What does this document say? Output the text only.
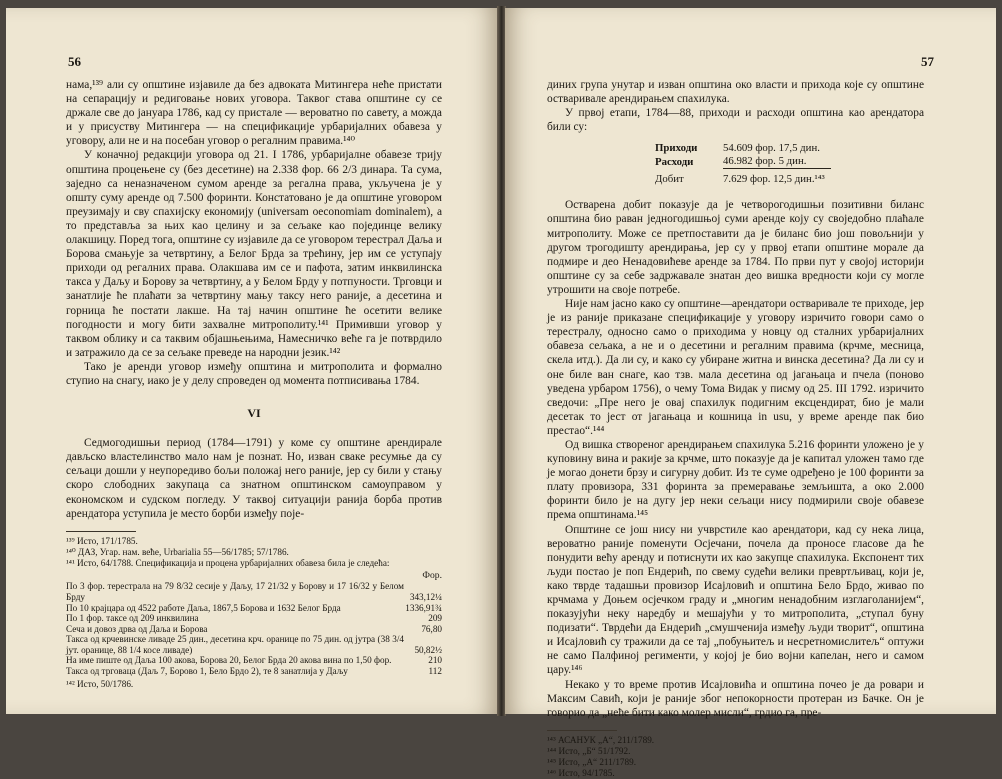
56

нама,¹³⁹ али су општине изјавиле да без адвоката Митингера неће пристати на сепарацију и редиговање нових уговора. Таквог става општине су се држале све до јануара 1786, кад су пристале — вероватно по савету, а можда и у присуству Митингера — на спецификације урбаријалних обавеза у уговору, али не и на посебан уговор о регалним правима.¹⁴⁰

У коначној редакцији уговора од 21. I 1786, урбаријалне обавезе трију општина процењене су (без десетине) на 2.338 фор. 66 2/3 динара. Та сума, заједно са неназначеном сумом аренде за регална права, укључена је у општу суму аренде од 7.500 форинти. Констатовано је да општине уговором преузимају и сву спахијску економију (universam oeconomiam dominalem), а то представља за њих као целину и за сељаке као појединце велику олакшицу. Поред тога, општине су изјавиле да се уговором терестрал Даља и Борова смањује за четвртину, а Белог Брда за трећину, јер им се уступају приходи од регалних права. Олакшава им се и пафота, затим инквилинска такса у Даљу и Борову за четвртину, а у Белом Брду у потпуности. Трговци и занатлије ће плаћати за четвртину мању таксу него раније, а десетина и горница ће постати лакше. На тај начин општине ће осетити велике погодности и могу бити захвалне митрополиту.¹⁴¹ Примивши уговор у таквом облику и са таквим објашњењима, Намесничко веће га је потврдило и затражило да се за сељаке преведе на народни језик.¹⁴²

Тако је аренди уговор између општина и митрополита и формално ступио на снагу, иако је у делу спроведен од момента потписивања 1784.

VI

Седмогодишњи период (1784—1791) у коме су општине арендирале дављско властелинство мало нам је познат. Но, изван сваке ресумње да су сељаци дошли у неупоредиво бољи положај него раније, јер су били у стању скоро слободних закупаца са знатном општинском самоуправом у економском и судском погледу. У таквој ситуацији ранија борба против арендатора уступила је место борби између поје-

¹³⁹ Исто, 171/1785.
¹⁴⁰ ДАЗ, Угар. нам. веће, Urbarialia 55—56/1785; 57/1786.
¹⁴¹ Исто, 64/1788. Спецификација и процена урбаријалних обавеза била је следећа:
	Фор.
По 3 фор. терестрала на 79 8/32 сесије у Даљу, 17 21/32 у Борову и 17 16/32 у Белом Брду	343,12¼
По 10 крајцара од 4522 работе Даља, 1867,5 Борова и 1632 Белог Брда	1336,91¾
По 1 фор. таксе од 209 инквилина	209
Сеча и довоз дрва од Даља и Борова	76,80
Такса од крчевинске ливаде 25 дин., десетина крч. оранице по 75 дин. од јутра (38 3/4 јут. оранице, 88 1/4 косе ливаде)	50,82½
На име пиште од Даља 100 акова, Борова 20, Белог Брда 20 акова вина по 1,50 фор.	210
Такса од трговаца (Даљ 7, Борово 1, Бело Брдо 2), те 8 занатлија у Даљу	112
¹⁴² Исто, 50/1786.
57

диних група унутар и изван општина око власти и прихода које су општине остваривале арендирањем спахилука.

У првој етапи, 1784—88, приходи и расходи општина као арендатора били су:

Приходи	54.609 фор. 17,5 дин.
Расходи	46.982 фор. 5 дин.
Добит	7.629 фор. 12,5 дин.¹⁴³

Остварена добит показује да је четворогодишњи позитивни биланс општина био раван једногодишњој суми аренде коју су своједобно плаћале митрополиту. Може се претпоставити да је биланс био још повољнији у другом трогодишту арендирања, јер су у првој етапи општине морале да подмире и део Ненадовићеве аренде за 1784. По први пут у својој историји општине су за себе задржавале знатан део вишка вредности који су могле утрошити на своје потребе.

Није нам јасно како су општине—арендатори остваривале те приходе, јер је из раније приказане спецификације у уговору изричито говори само о терестралу, односно само о приходима у новцу од сталних урбаријалних обавеза сељака, а не и о десетини и регалним правима (крчме, месница, скела итд.). Да ли су, и како су убиране житна и винска десетина? Да ли су и оне биле ван снаге, као тзв. мала десетина од јагањаца и пчела (поново уведена урбаром 1756), о чему Тома Видак у писму од 25. III 1792. изричито сведочи: „Пре него је овај спахилук подигним ексцендират, био је мали десетак то јест от јагањаца и кошница in usu, у време аренде пак био престао“.¹⁴⁴

Од вишка створеног арендирањем спахилука 5.216 форинти уложено је у куповину вина и ракије за крчме, што показује да је капитал уложен тамо где је могао донети брзу и сигурну добит. Из те суме одређено је 100 форинти за плату провизора, 331 форинта за премеравање земљишта, а око 2.000 форинти било је на дугу јер неки сељаци нису подмирили своје обавезе према општинама.¹⁴⁵

Општине се још нису ни учврстиле као арендатори, кад су нека лица, вероватно раније поменути Осјечани, почела да проносе гласове да ће понудити већу аренду и потиснути их као закупце спахилука. Експонент тих људи постао је поп Ендерић, по свему судећи велики превртљивац, који је, како тврде тадашњи провизор Исајловић и општина Бело Брдо, живао по крчмама у Доњем осјечком граду и „многим ненадобним изглаголанијем“, показујући неку наредбу и мешајући у то митрополита, „ступал буну подизати“. Тврдећи да Ендерић „смушченија између људи творит“, општина и Исајловић су тражили да се тај „побуњитељ и несретномислитељ“ оптужи не само Палфиној регименти, у којој је био војни капелан, него и самом цару.¹⁴⁶

Некако у то време против Исајловића и општина почео је да ровари и Максим Савић, који је раније због непокорности протеран из Бачке. Он је говорио да „неће бити како молер мисли“, грдио га, пре-

¹⁴³ АСАНУК „А“, 211/1789.
¹⁴⁴ Исто, „Б“ 51/1792.
¹⁴⁵ Исто, „А“ 211/1789.
¹⁴⁶ Исто, 94/1785.
